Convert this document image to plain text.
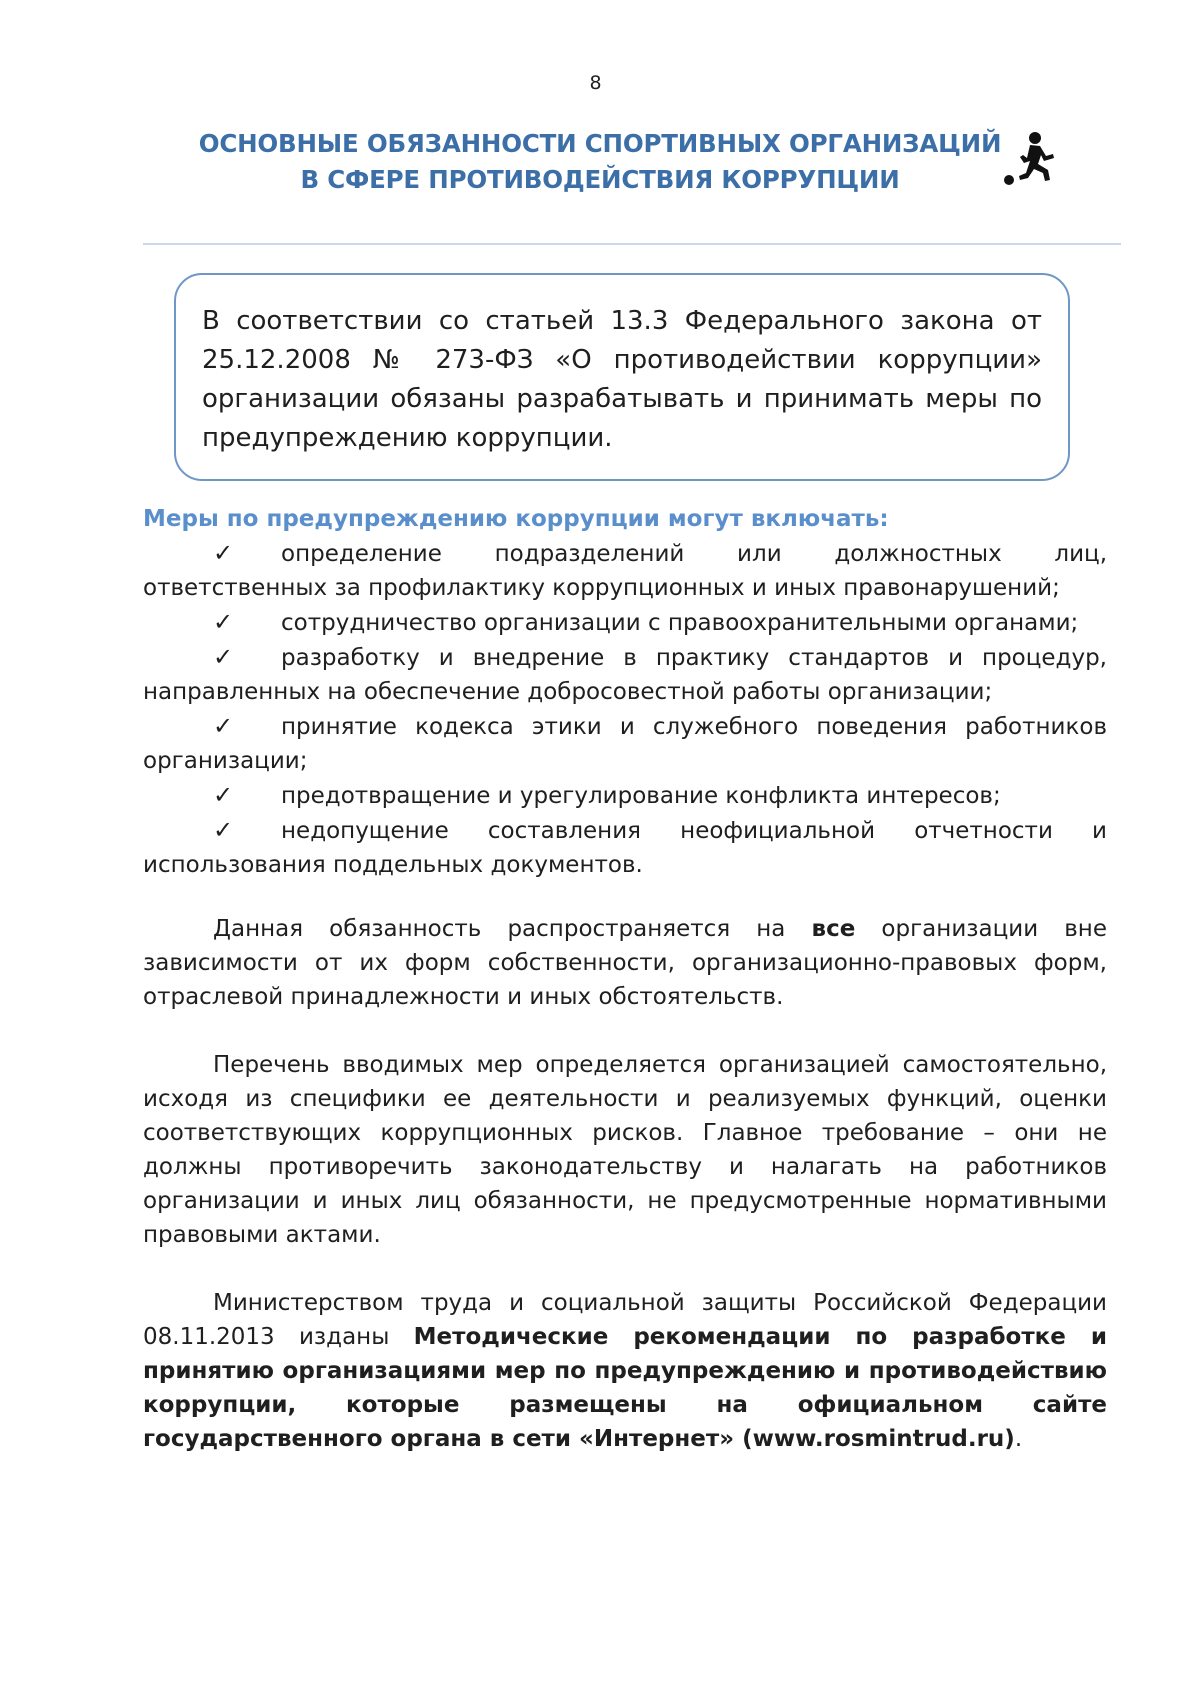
8
ОСНОВНЫЕ ОБЯЗАННОСТИ СПОРТИВНЫХ ОРГАНИЗАЦИЙ
В СФЕРЕ ПРОТИВОДЕЙСТВИЯ КОРРУПЦИИ
В соответствии со статьей 13.3 Федерального закона от 25.12.2008 № 273-ФЗ «О противодействии коррупции» организации обязаны разрабатывать и принимать меры по предупреждению коррупции.
Меры по предупреждению коррупции могут включать:

✓ определение подразделений или должностных лиц, ответственных за профилактику коррупционных и иных правонарушений;

✓ сотрудничество организации с правоохранительными органами;

✓ разработку и внедрение в практику стандартов и процедур, направленных на обеспечение добросовестной работы организации;

✓ принятие кодекса этики и служебного поведения работников организации;

✓ предотвращение и урегулирование конфликта интересов;

✓ недопущение составления неофициальной отчетности и использования поддельных документов.

Данная обязанность распространяется на все организации вне зависимости от их форм собственности, организационно-правовых форм, отраслевой принадлежности и иных обстоятельств.

Перечень вводимых мер определяется организацией самостоятельно, исходя из специфики ее деятельности и реализуемых функций, оценки соответствующих коррупционных рисков. Главное требование – они не должны противоречить законодательству и налагать на работников организации и иных лиц обязанности, не предусмотренные нормативными правовыми актами.

Министерством труда и социальной защиты Российской Федерации 08.11.2013 изданы Методические рекомендации по разработке и принятию организациями мер по предупреждению и противодействию коррупции, которые размещены на официальном сайте государственного органа в сети «Интернет» (www.rosmintrud.ru).
